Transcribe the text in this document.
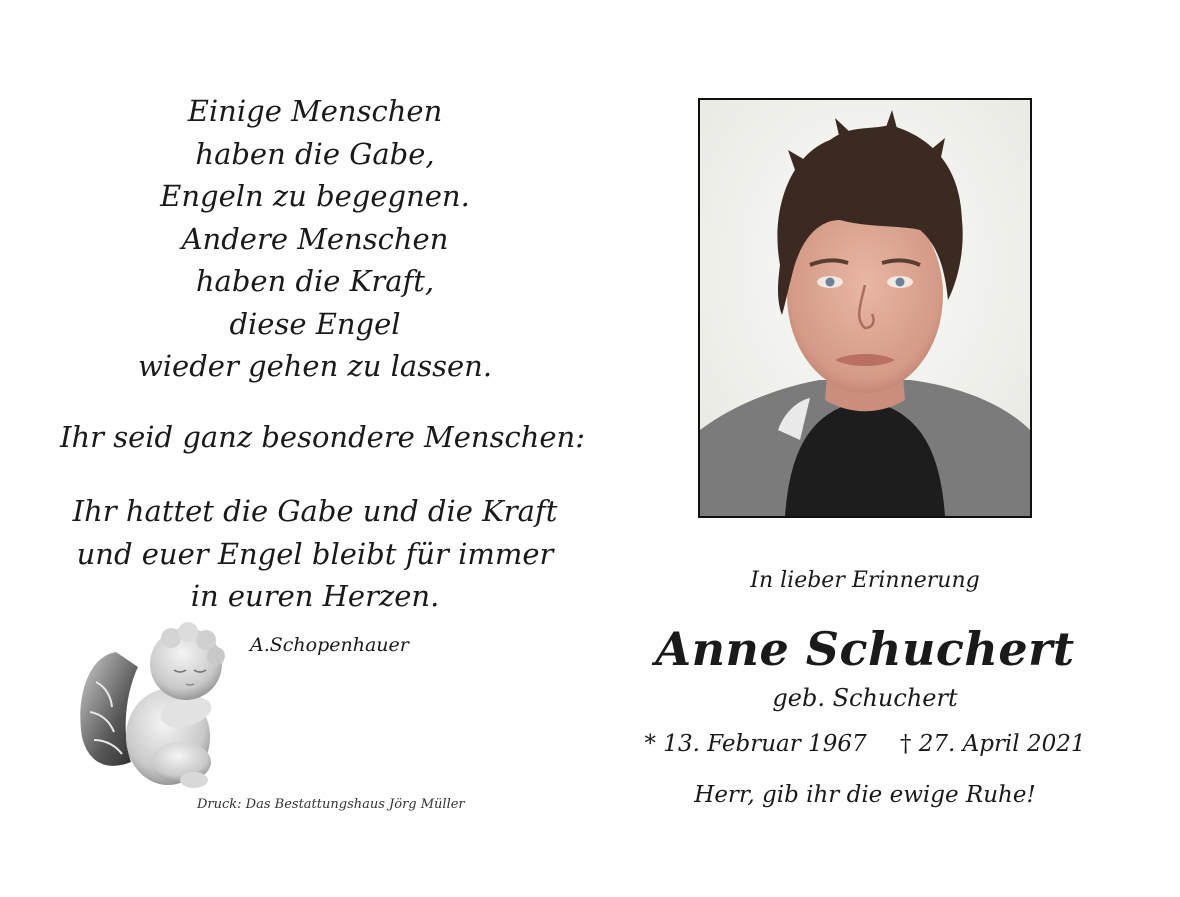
Einige Menschen
haben die Gabe,
Engeln zu begegnen.
Andere Menschen
haben die Kraft,
diese Engel
wieder gehen zu lassen.
Ihr seid ganz besondere Menschen:
Ihr hattet die Gabe und die Kraft
und euer Engel bleibt für immer
in euren Herzen.
A.Schopenhauer
Druck: Das Bestattungshaus Jörg Müller
In lieber Erinnerung
Anne Schuchert
geb. Schuchert
* 13. Februar 1967 † 27. April 2021
Herr, gib ihr die ewige Ruhe!
